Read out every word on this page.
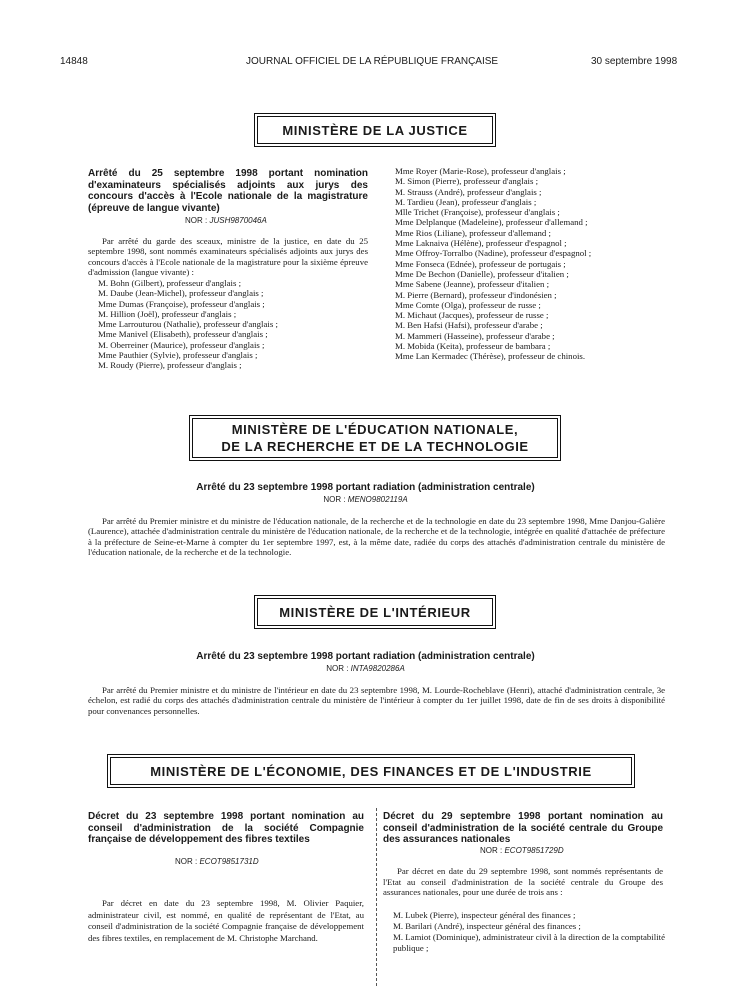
14848	JOURNAL OFFICIEL DE LA RÉPUBLIQUE FRANÇAISE	30 septembre 1998
MINISTÈRE DE LA JUSTICE
Arrêté du 25 septembre 1998 portant nomination d'examinateurs spécialisés adjoints aux jurys des concours d'accès à l'Ecole nationale de la magistrature (épreuve de langue vivante)
NOR : JUSH9870046A
Par arrêté du garde des sceaux, ministre de la justice, en date du 25 septembre 1998, sont nommés examinateurs spécialisés adjoints aux jurys des concours d'accès à l'Ecole nationale de la magistrature pour la sixième épreuve d'admission (langue vivante) :
M. Bohn (Gilbert), professeur d'anglais ;
M. Daube (Jean-Michel), professeur d'anglais ;
Mme Dumas (Françoise), professeur d'anglais ;
M. Hillion (Joël), professeur d'anglais ;
Mme Larrouturou (Nathalie), professeur d'anglais ;
Mme Manivel (Elisabeth), professeur d'anglais ;
M. Oberreiner (Maurice), professeur d'anglais ;
Mme Pauthier (Sylvie), professeur d'anglais ;
M. Roudy (Pierre), professeur d'anglais ;
Mme Royer (Marie-Rose), professeur d'anglais ;
M. Simon (Pierre), professeur d'anglais ;
M. Strauss (André), professeur d'anglais ;
M. Tardieu (Jean), professeur d'anglais ;
Mlle Trichet (Françoise), professeur d'anglais ;
Mme Delplanque (Madeleine), professeur d'allemand ;
Mme Rios (Liliane), professeur d'allemand ;
Mme Laknaiva (Hélène), professeur d'espagnol ;
Mme Offroy-Torralbo (Nadine), professeur d'espagnol ;
Mme Fonseca (Ednée), professeur de portugais ;
Mme De Bechon (Danielle), professeur d'italien ;
Mme Sabene (Jeanne), professeur d'italien ;
M. Pierre (Bernard), professeur d'indonésien ;
Mme Comte (Olga), professeur de russe ;
M. Michaut (Jacques), professeur de russe ;
M. Ben Hafsi (Hafsi), professeur d'arabe ;
M. Mammeri (Hasseine), professeur d'arabe ;
M. Mobida (Keita), professeur de bambara ;
Mme Lan Kermadec (Thérèse), professeur de chinois.
MINISTÈRE DE L'ÉDUCATION NATIONALE,
DE LA RECHERCHE ET DE LA TECHNOLOGIE
Arrêté du 23 septembre 1998 portant radiation (administration centrale)
NOR : MENO9802119A
Par arrêté du Premier ministre et du ministre de l'éducation nationale, de la recherche et de la technologie en date du 23 septembre 1998, Mme Danjou-Galière (Laurence), attachée d'administration centrale du ministère de l'éducation nationale, de la recherche et de la technologie, intégrée en qualité d'attachée de préfecture à la préfecture de Seine-et-Marne à compter du 1er septembre 1997, est, à la même date, radiée du corps des attachés d'administration centrale du ministère de l'éducation nationale, de la recherche et de la technologie.
MINISTÈRE DE L'INTÉRIEUR
Arrêté du 23 septembre 1998 portant radiation (administration centrale)
NOR : INTA9820286A
Par arrêté du Premier ministre et du ministre de l'intérieur en date du 23 septembre 1998, M. Lourde-Rocheblave (Henri), attaché d'administration centrale, 3e échelon, est radié du corps des attachés d'administration centrale du ministère de l'intérieur à compter du 1er juillet 1998, date de fin de ses droits à disponibilité pour convenances personnelles.
MINISTÈRE DE L'ÉCONOMIE, DES FINANCES ET DE L'INDUSTRIE
Décret du 23 septembre 1998 portant nomination au conseil d'administration de la société Compagnie française de développement des fibres textiles
NOR : ECOT9851731D
Par décret en date du 23 septembre 1998, M. Olivier Paquier, administrateur civil, est nommé, en qualité de représentant de l'Etat, au conseil d'administration de la société Compagnie française de développement des fibres textiles, en remplacement de M. Christophe Marchand.
Décret du 29 septembre 1998 portant nomination au conseil d'administration de la société centrale du Groupe des assurances nationales
NOR : ECOT9851729D
Par décret en date du 29 septembre 1998, sont nommés représentants de l'Etat au conseil d'administration de la société centrale du Groupe des assurances nationales, pour une durée de trois ans :
M. Lubek (Pierre), inspecteur général des finances ;
M. Barilari (André), inspecteur général des finances ;
M. Lamiot (Dominique), administrateur civil à la direction de la comptabilité publique ;
